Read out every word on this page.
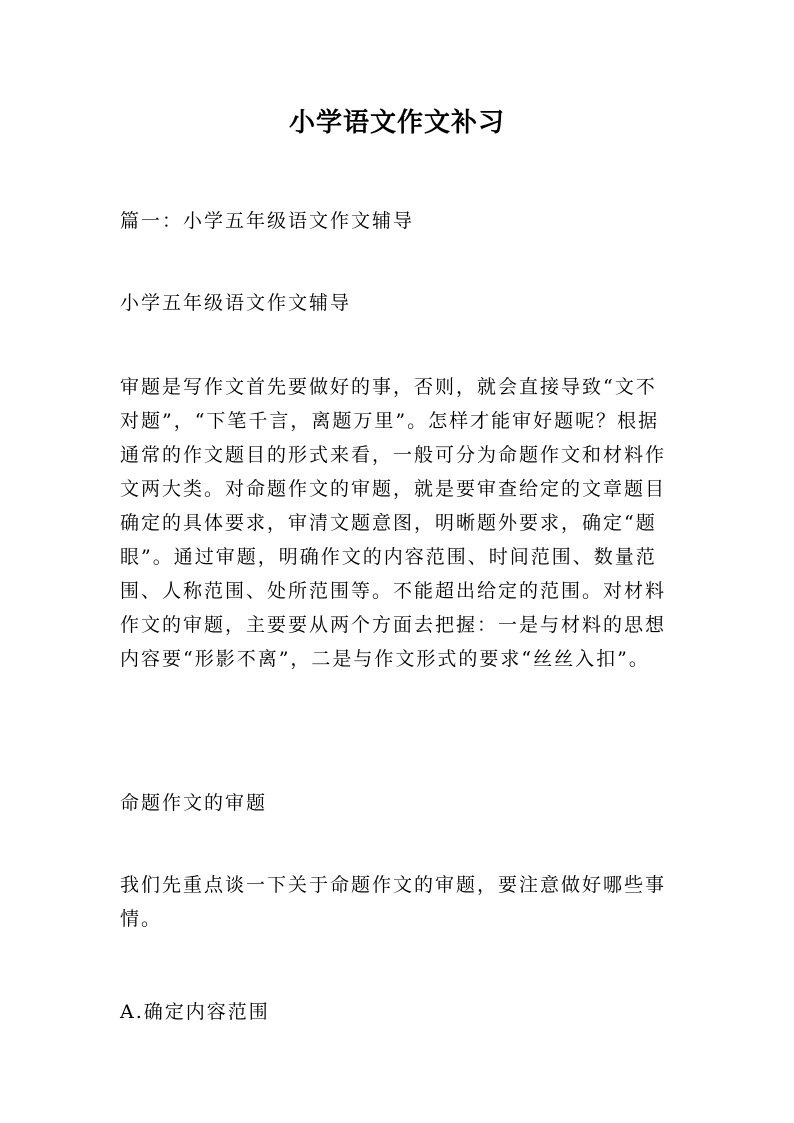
小学语文作文补习
篇一：小学五年级语文作文辅导
小学五年级语文作文辅导
审题是写作文首先要做好的事，否则，就会直接导致“文不
对题”，“下笔千言，离题万里”。怎样才能审好题呢？根据
通常的作文题目的形式来看，一般可分为命题作文和材料作
文两大类。对命题作文的审题，就是要审查给定的文章题目
确定的具体要求，审清文题意图，明晰题外要求，确定“题
眼”。通过审题，明确作文的内容范围、时间范围、数量范
围、人称范围、处所范围等。不能超出给定的范围。对材料
作文的审题，主要要从两个方面去把握：一是与材料的思想
内容要“形影不离”，二是与作文形式的要求“丝丝入扣”。
命题作文的审题
我们先重点谈一下关于命题作文的审题，要注意做好哪些事
情。
A.确定内容范围
